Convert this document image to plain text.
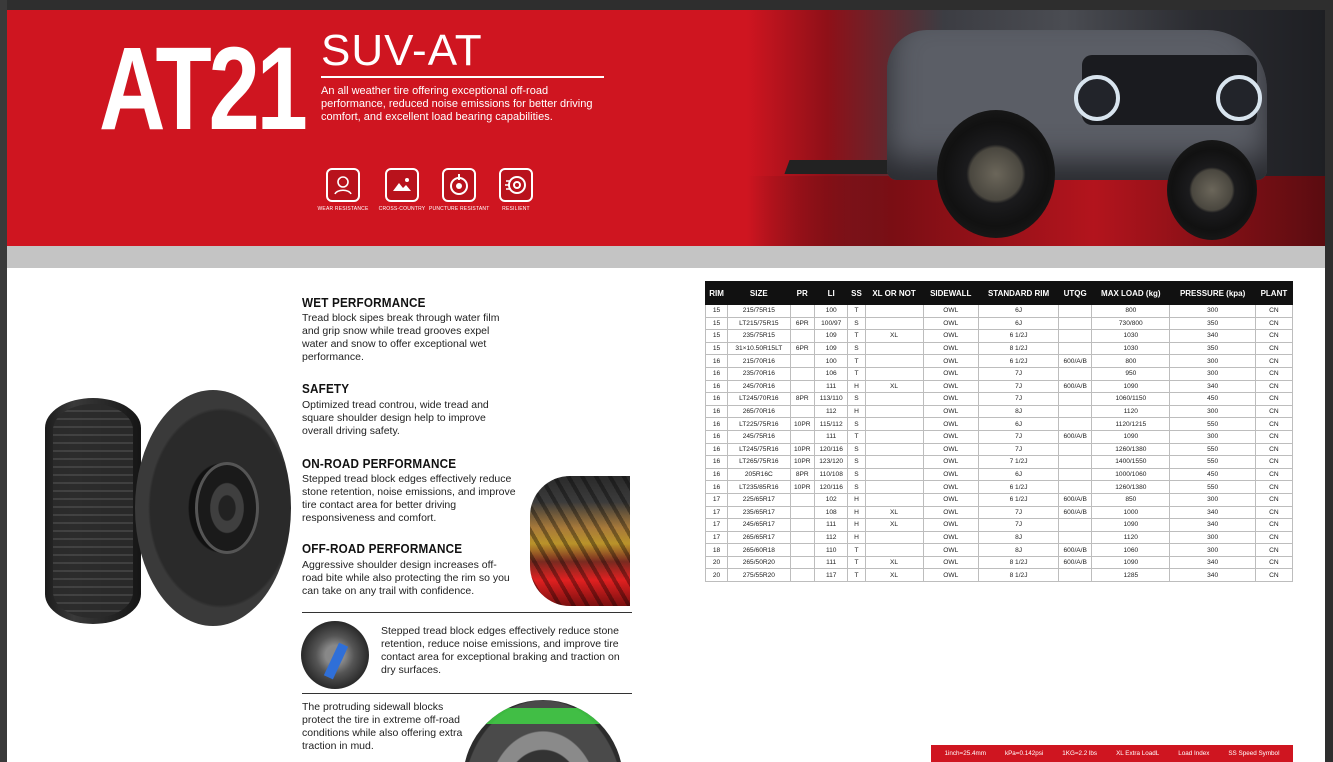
AT21 SUV-AT
An all weather tire offering exceptional off-road performance, reduced noise emissions for better driving comfort, and excellent load bearing capabilities.
WEAR RESISTANCE	CROSS-COUNTRY PUNCTURE RESISTANT	RESILIENT
WET PERFORMANCE
Tread block sipes break through water film and grip snow while tread grooves expel water and snow to offer exceptional wet performance.
SAFETY
Optimized tread controu, wide tread and square shoulder design help to improve overall driving safety.
ON-ROAD PERFORMANCE
Stepped tread block edges effectively reduce stone retention, noise emissions, and improve tire contact area for better driving responsiveness and comfort.
OFF-ROAD PERFORMANCE
Aggressive shoulder design increases off-road bite while also protecting the rim so you can take on any trail with confidence.
Stepped tread block edges effectively reduce stone retention, reduce noise emissions, and improve tire contact area for exceptional braking and traction on dry surfaces.
The protruding sidewall blocks protect the tire in extreme off-road conditions while also offering extra traction in mud.
RIM	SIZE	PR	LI	SS	XL OR NOT	SIDEWALL	STANDARD RIM	UTQG	MAX LOAD (kg)	PRESSURE (kpa)	PLANT
15	215/75R15		100	T		OWL	6J		800	300	CN
15	LT215/75R15	6PR	100/97	S		OWL	6J		730/800	350	CN
15	235/75R15		109	T	XL	OWL	6 1/2J		1030	340	CN
15	31×10.50R15LT	6PR	109	S		OWL	8 1/2J		1030	350	CN
16	215/70R16		100	T		OWL	6 1/2J	600/A/B	800	300	CN
16	235/70R16		106	T		OWL	7J		950	300	CN
16	245/70R16		111	H	XL	OWL	7J	600/A/B	1090	340	CN
16	LT245/70R16	8PR	113/110	S		OWL	7J		1060/1150	450	CN
16	265/70R16		112	H		OWL	8J		1120	300	CN
16	LT225/75R16	10PR	115/112	S		OWL	6J		1120/1215	550	CN
16	245/75R16		111	T		OWL	7J	600/A/B	1090	300	CN
16	LT245/75R16	10PR	120/116	S		OWL	7J		1260/1380	550	CN
16	LT265/75R16	10PR	123/120	S		OWL	7 1/2J		1400/1550	550	CN
16	205R16C	8PR	110/108	S		OWL	6J		1000/1060	450	CN
16	LT235/85R16	10PR	120/116	S		OWL	6 1/2J		1260/1380	550	CN
17	225/65R17		102	H		OWL	6 1/2J	600/A/B	850	300	CN
17	235/65R17		108	H	XL	OWL	7J	600/A/B	1000	340	CN
17	245/65R17		111	H	XL	OWL	7J		1090	340	CN
17	265/65R17		112	H		OWL	8J		1120	300	CN
18	265/60R18		110	T		OWL	8J	600/A/B	1060	300	CN
20	265/50R20		111	T	XL	OWL	8 1/2J	600/A/B	1090	340	CN
20	275/55R20		117	T	XL	OWL	8 1/2J		1285	340	CN
1inch=25.4mm	kPa=0.142psi	1KG=2.2 lbs	XL Extra LoadL	Load Index	SS Speed Symbol
